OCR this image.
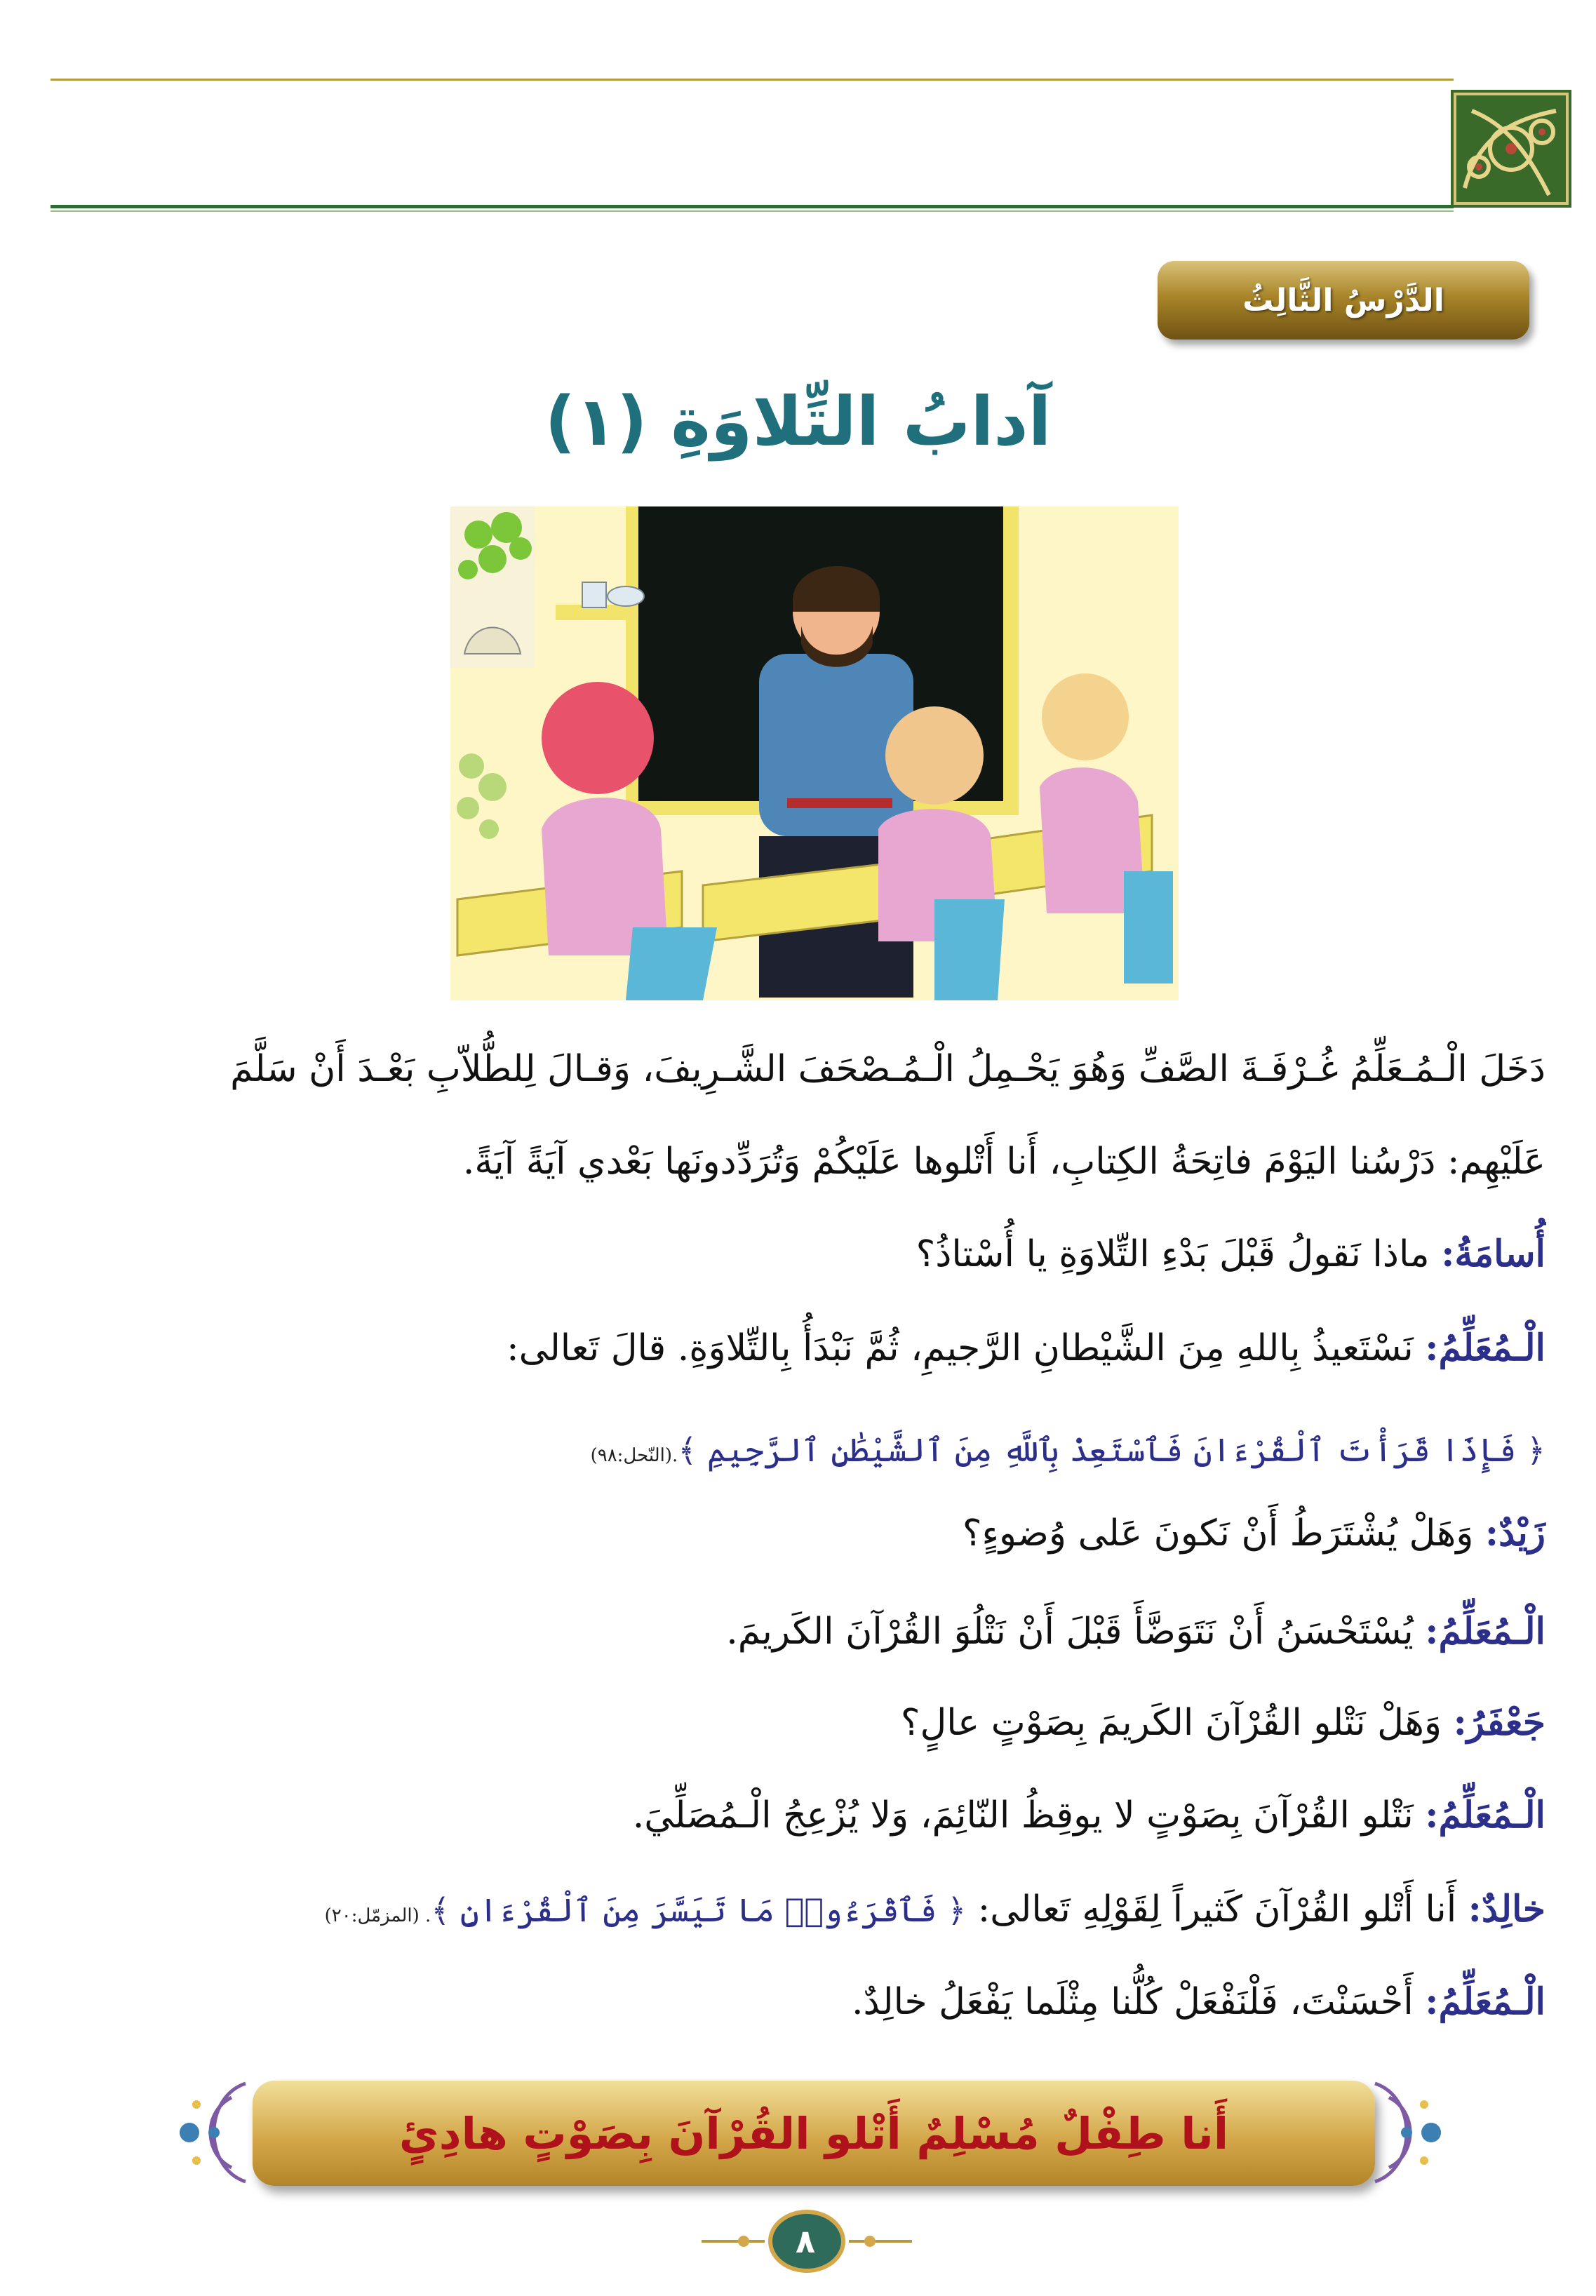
الدَّرْسُ الثَّالِثُ
آدابُ التِّلاوَةِ (١)
دَخَلَ الْـمُـعَلِّمُ غُـرْفَـةَ الصَّفِّ وَهُوَ يَحْـمِلُ الْـمُـصْحَفَ الشَّـرِيفَ، وَقـالَ لِلطُّلاّبِ بَعْـدَ أَنْ سَلَّمَ
عَلَيْهِم: دَرْسُنا اليَوْمَ فاتِحَةُ الكِتابِ، أَنا أَتْلوها عَلَيْكُمْ وَتُرَدِّدونَها بَعْدي آيَةً آيَةً.
أُسامَةُ: ماذا نَقولُ قَبْلَ بَدْءِ التِّلاوَةِ يا أُسْتاذُ؟
الْـمُعَلِّمُ: نَسْتَعيذُ بِاللهِ مِنَ الشَّيْطانِ الرَّجيمِ، ثُمَّ نَبْدَأُ بِالتِّلاوَةِ. قالَ تَعالى:
﴿ فَإِذَا قَرَأْتَ ٱلْقُرْءَانَ فَٱسْتَعِذْ بِٱللَّهِ مِنَ ٱلشَّيْطَٰنِ ٱلرَّجِيمِ ﴾.(النّحل:٩٨)
زَيْدٌ: وَهَلْ يُشْتَرَطُ أَنْ نَكونَ عَلى وُضوءٍ؟
الْـمُعَلِّمُ: يُسْتَحْسَنُ أَنْ نَتَوَضَّأَ قَبْلَ أَنْ نَتْلُوَ القُرْآنَ الكَريمَ.
جَعْفَرُ: وَهَلْ نَتْلو القُرْآنَ الكَريمَ بِصَوْتٍ عالٍ؟
الْـمُعَلِّمُ: نَتْلو القُرْآنَ بِصَوْتٍ لا يوقِظُ النّائِمَ، وَلا يُزْعِجُ الْـمُصَلِّيَ.
خالِدٌ: أَنا أَتْلو القُرْآنَ كَثيراً لِقَوْلِهِ تَعالى: ﴿ فَٱقْرَءُوا۟ مَا تَيَسَّرَ مِنَ ٱلْقُرْءَانِ ﴾. (المزمّل:٢٠)
الْـمُعَلِّمُ: أَحْسَنْتَ، فَلْنَفْعَلْ كُلُّنا مِثْلَما يَفْعَلُ خالِدٌ.
أَنا طِفْلٌ مُسْلِمٌ أَتْلو القُرْآنَ بِصَوْتٍ هادِئٍ
٨
